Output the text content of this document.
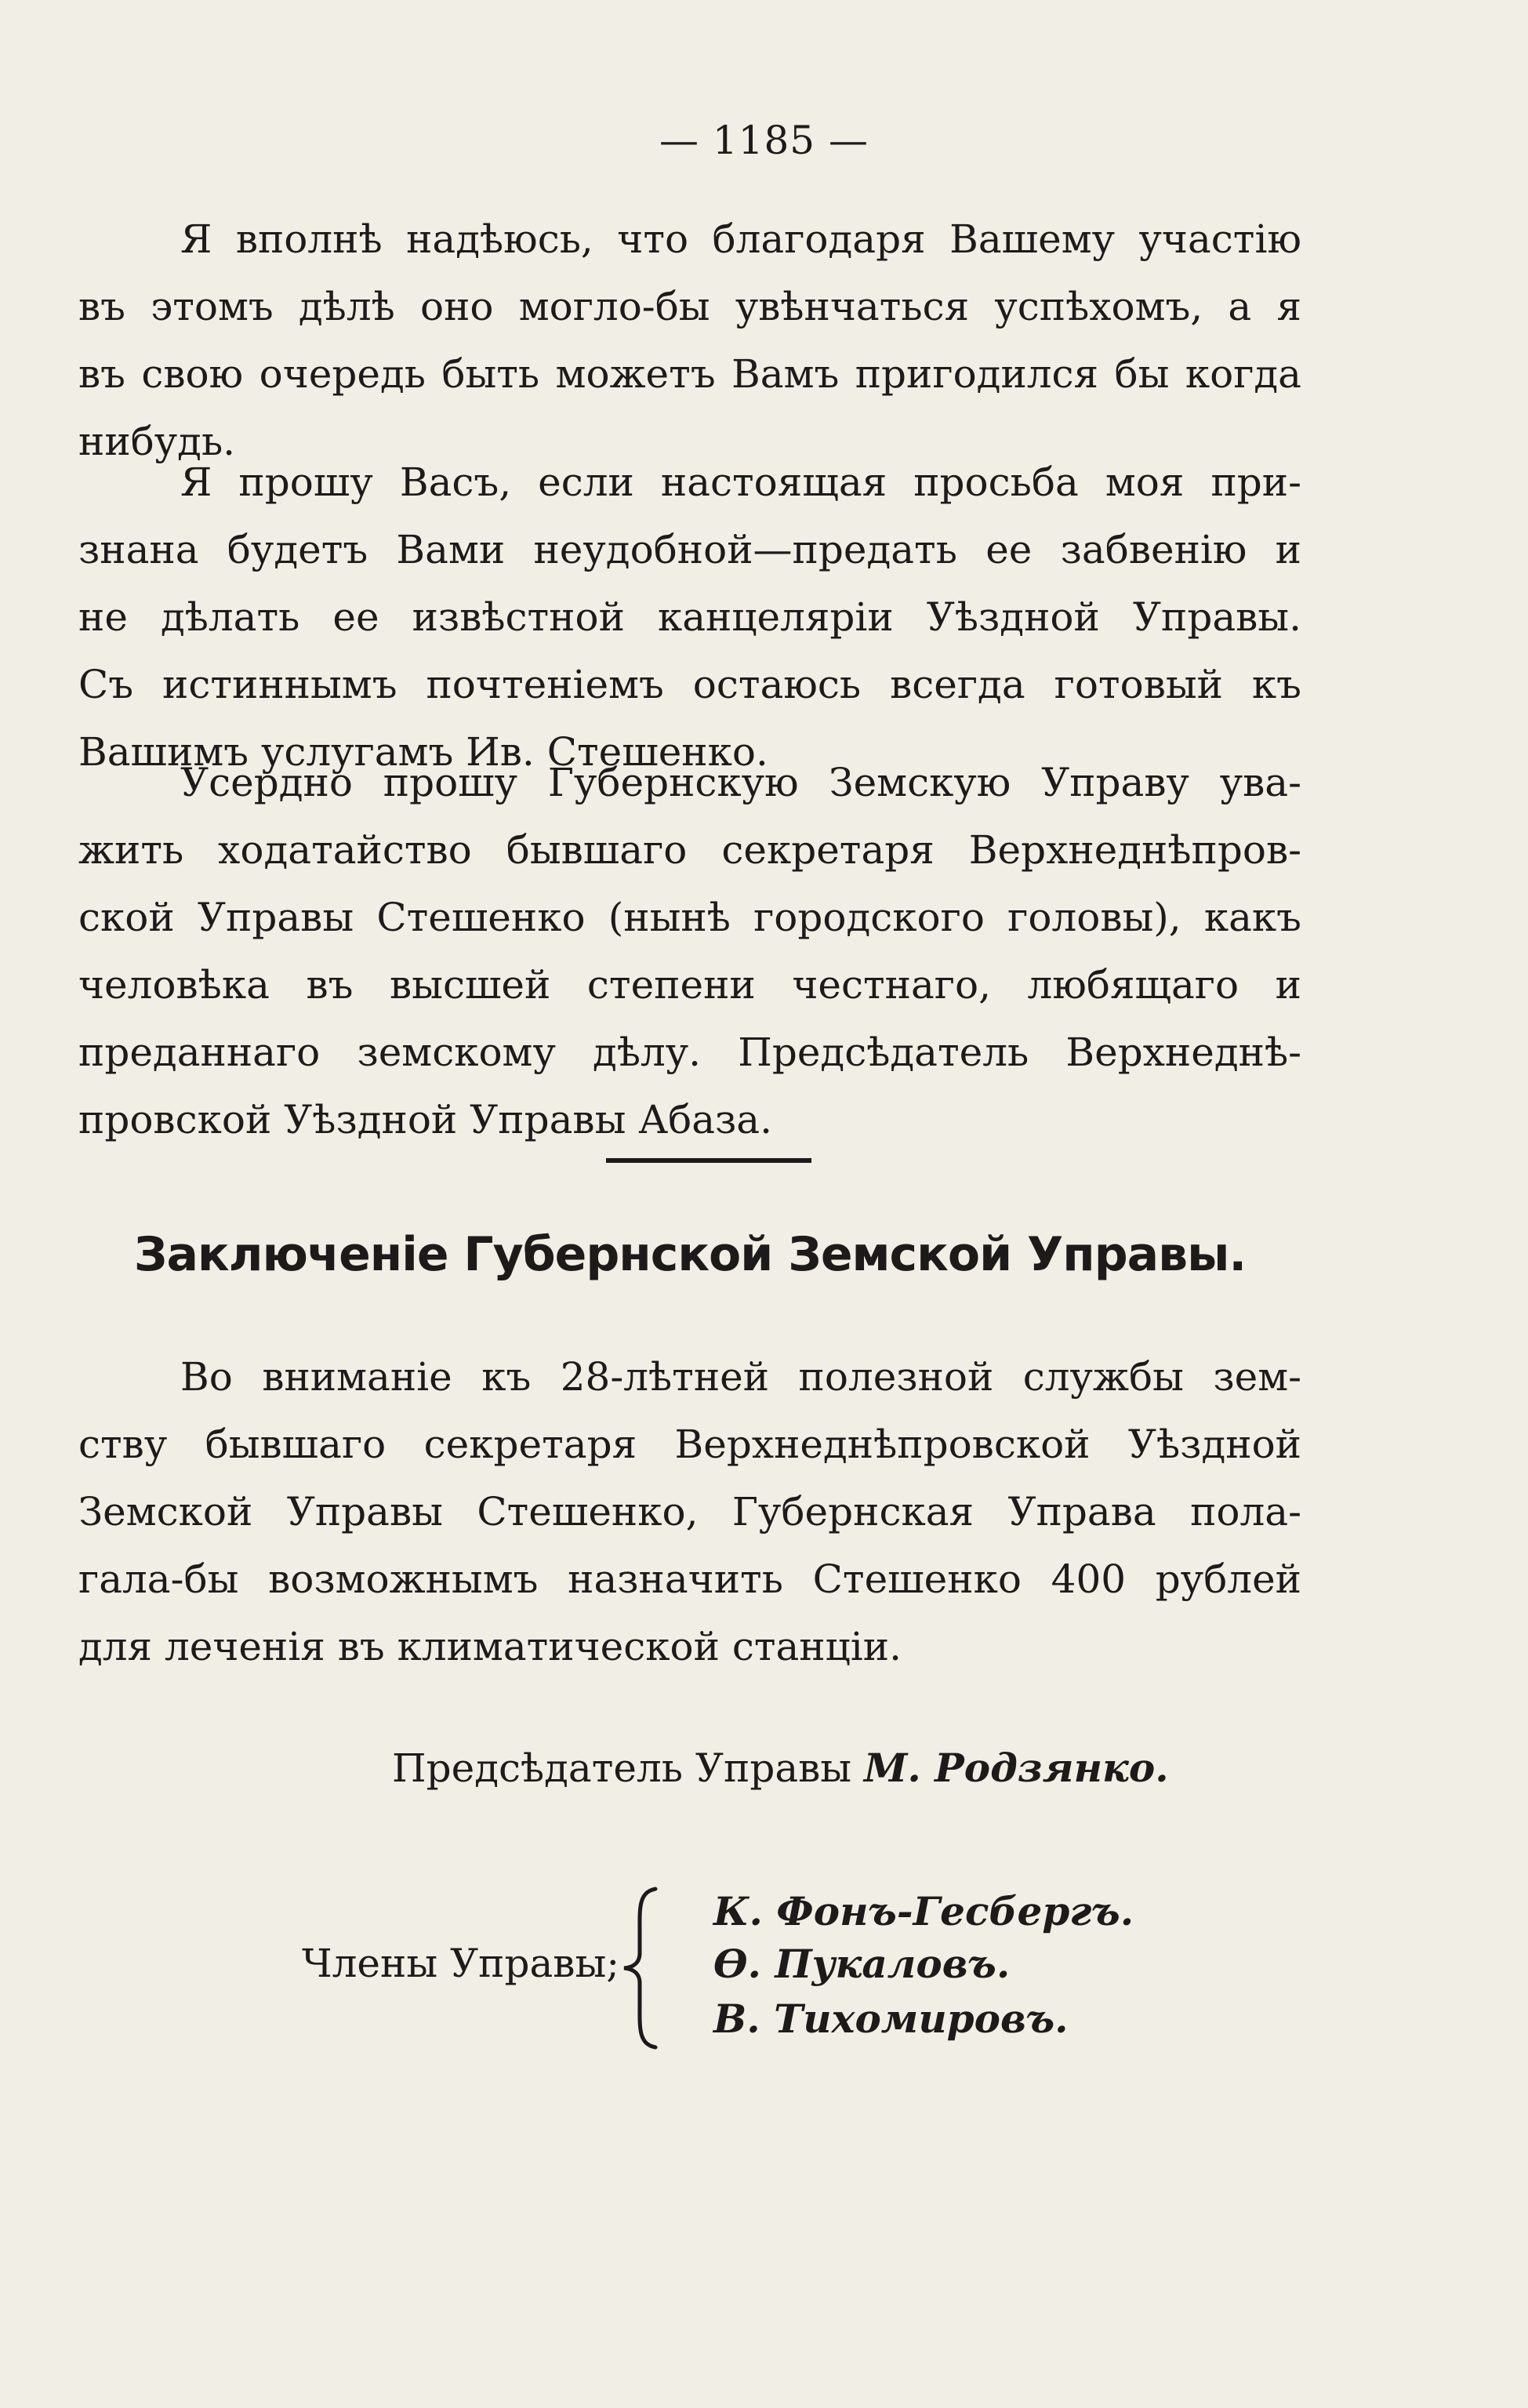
— 1185 —
Я вполнѣ надѣюсь, что благодаря Вашему участію
въ этомъ дѣлѣ оно могло-бы увѣнчаться успѣхомъ, а я
въ свою очередь быть можетъ Вамъ пригодился бы когда
нибудь.
Я прошу Васъ, если настоящая просьба моя при-
знана будетъ Вами неудобной—предать ее забвенію и
не дѣлать ее извѣстной канцеляріи Уѣздной Управы.
Съ истиннымъ почтеніемъ остаюсь всегда готовый къ
Вашимъ услугамъ Ив. Стешенко.
Усердно прошу Губернскую Земскую Управу ува-
жить ходатайство бывшаго секретаря Верхнеднѣпров-
ской Управы Стешенко (нынѣ городского головы), какъ
человѣка въ высшей степени честнаго, любящаго и
преданнаго земскому дѣлу. Предсѣдатель Верхнеднѣ-
провской Уѣздной Управы Абаза.
Заключеніе Губернской Земской Управы.
Во вниманіе къ 28-лѣтней полезной службы зем-
ству бывшаго секретаря Верхнеднѣпровской Уѣздной
Земской Управы Стешенко, Губернская Управа пола-
гала-бы возможнымъ назначить Стешенко 400 рублей
для леченія въ климатической станціи.
Предсѣдатель Управы М. Родзянко.
Члены Управы;
К. Фонъ-Гесбергъ.
Ѳ. Пукаловъ.
В. Тихомировъ.
